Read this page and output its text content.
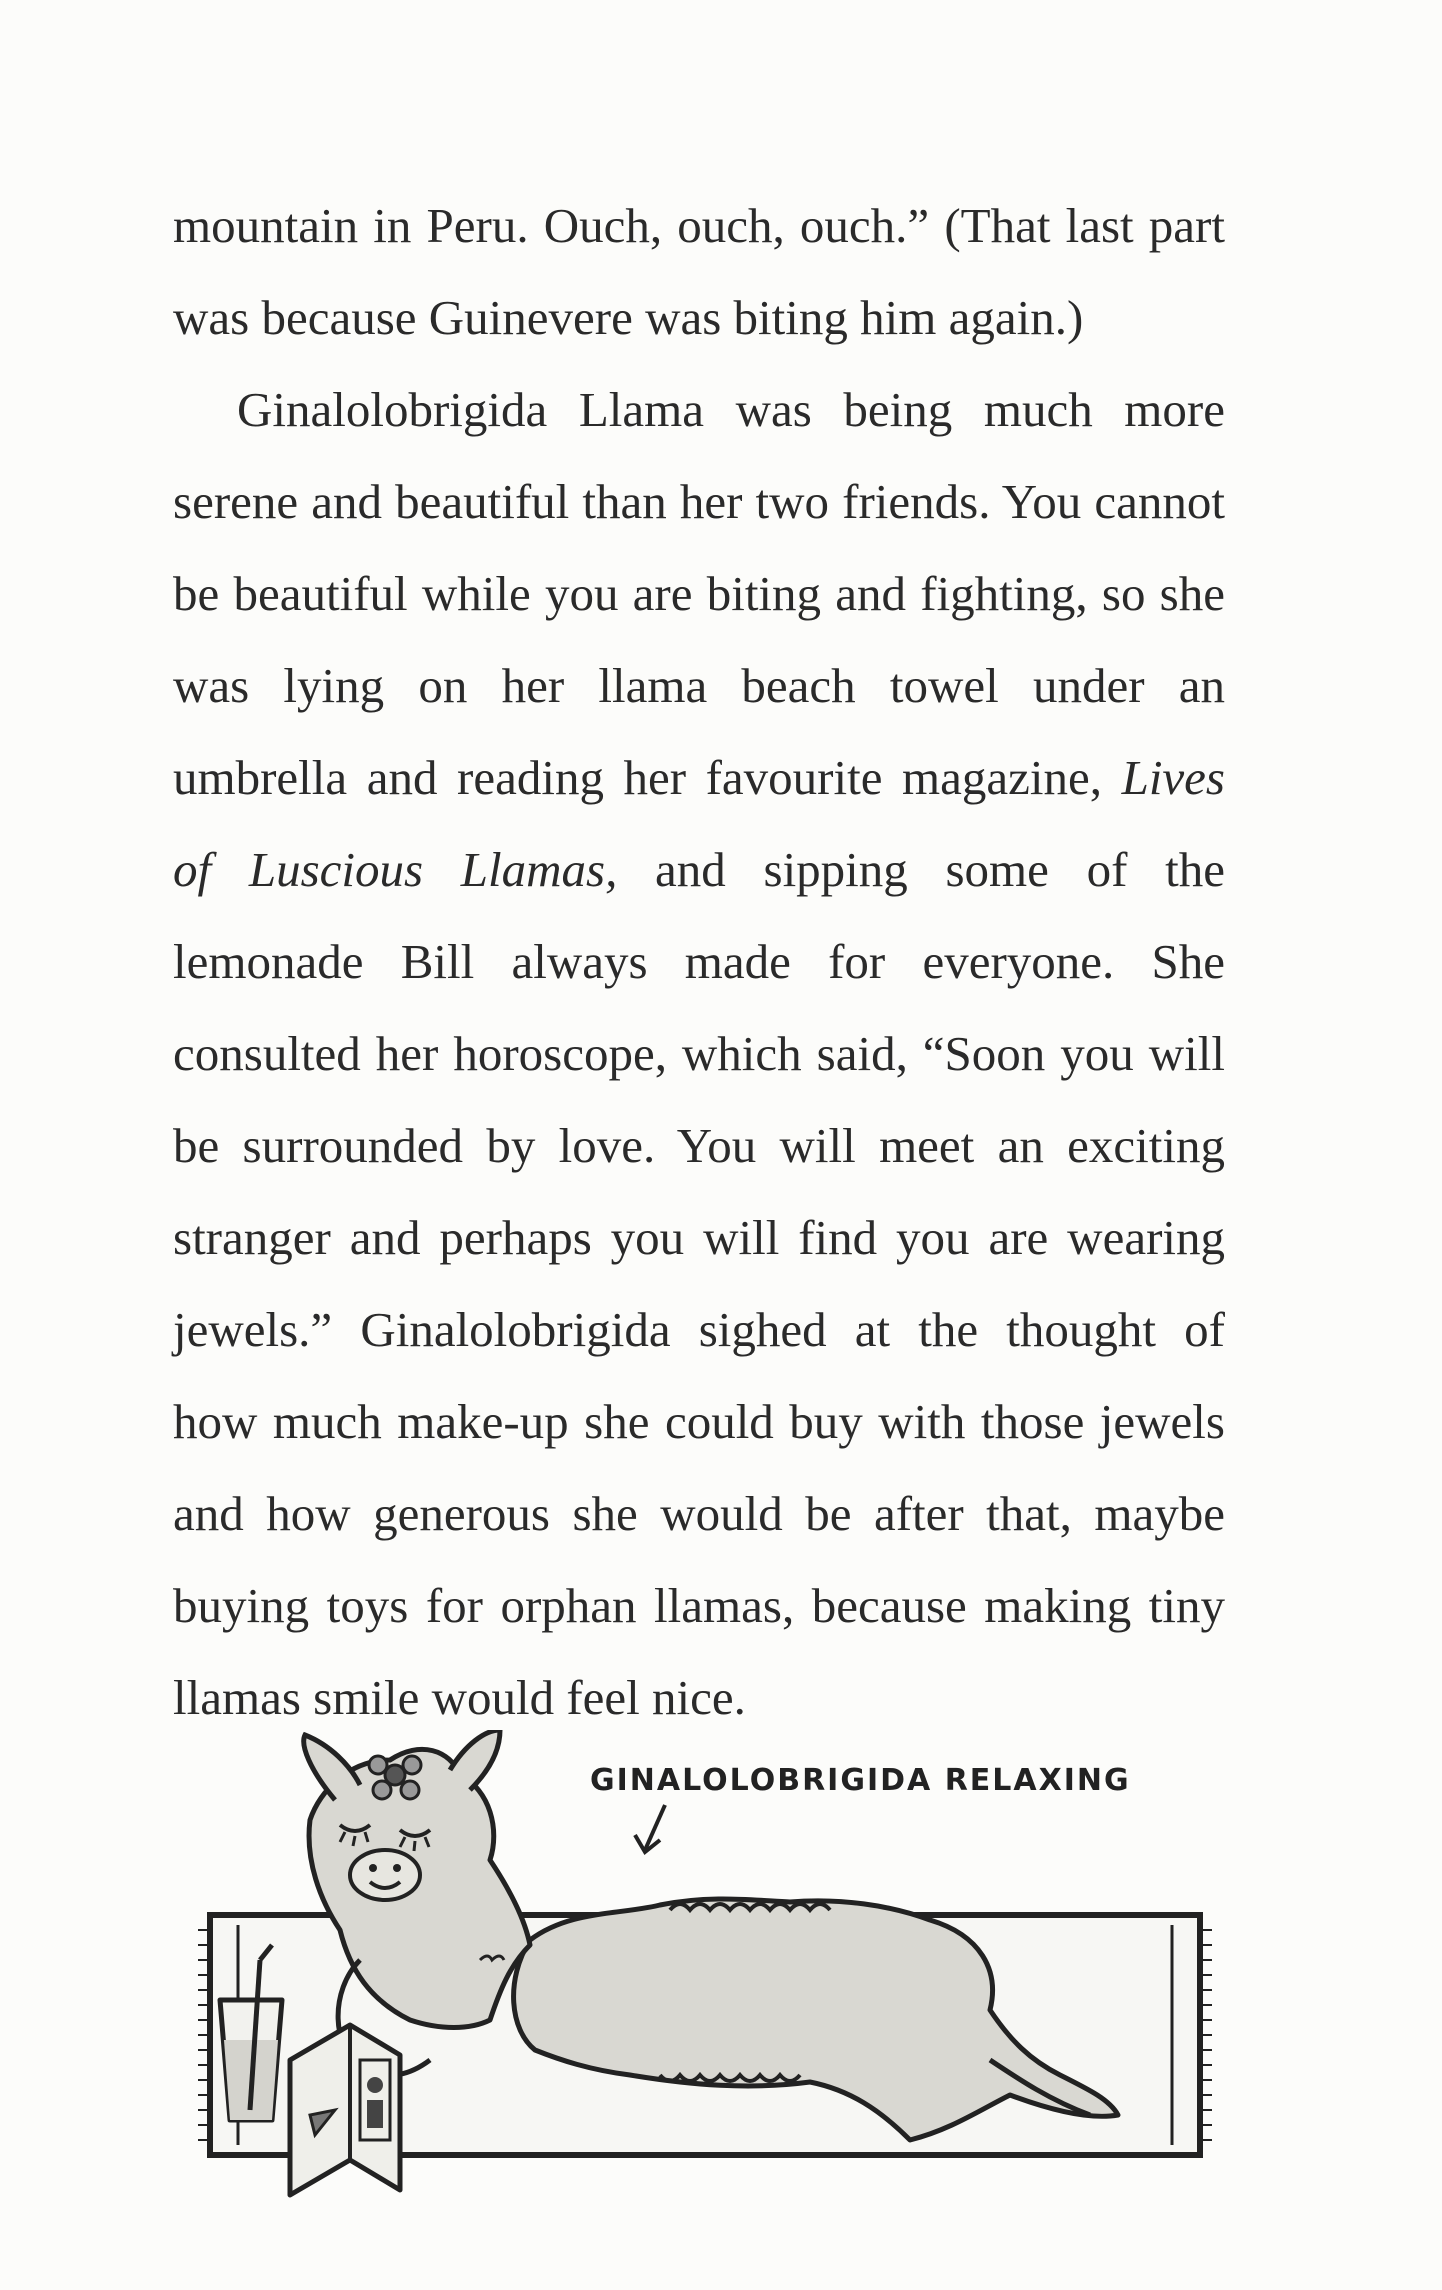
mountain in Peru. Ouch, ouch, ouch.” (That last part was because Guinevere was biting him again.)

Ginalolobrigida Llama was being much more serene and beautiful than her two friends. You cannot be beautiful while you are biting and fighting, so she was lying on her llama beach towel under an umbrella and reading her favourite magazine, Lives of Luscious Llamas, and sipping some of the lemonade Bill always made for everyone. She consulted her horoscope, which said, “Soon you will be surrounded by love. You will meet an exciting stranger and perhaps you will find you are wearing jewels.” Ginalolobrigida sighed at the thought of how much make-up she could buy with those jewels and how generous she would be after that, maybe buying toys for orphan llamas, because making tiny llamas smile would feel nice.

GINALOLOBRIGIDA RELAXING
